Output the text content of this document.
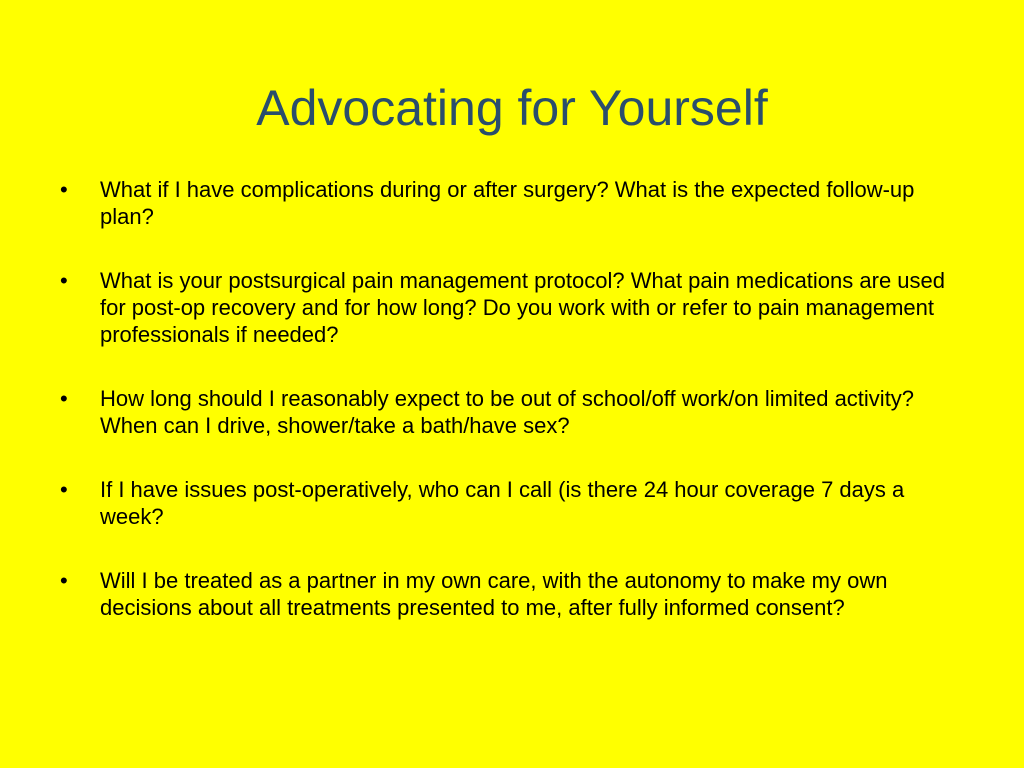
Advocating for Yourself
• What if I have complications during or after surgery? What is the expected follow-up plan?
• What is your postsurgical pain management protocol? What pain medications are used for post-op recovery and for how long? Do you work with or refer to pain management professionals if needed?
• How long should I reasonably expect to be out of school/off work/on limited activity? When can I drive, shower/take a bath/have sex?
• If I have issues post-operatively, who can I call (is there 24 hour coverage 7 days a week?
• Will I be treated as a partner in my own care, with the autonomy to make my own decisions about all treatments presented to me, after fully informed consent?
